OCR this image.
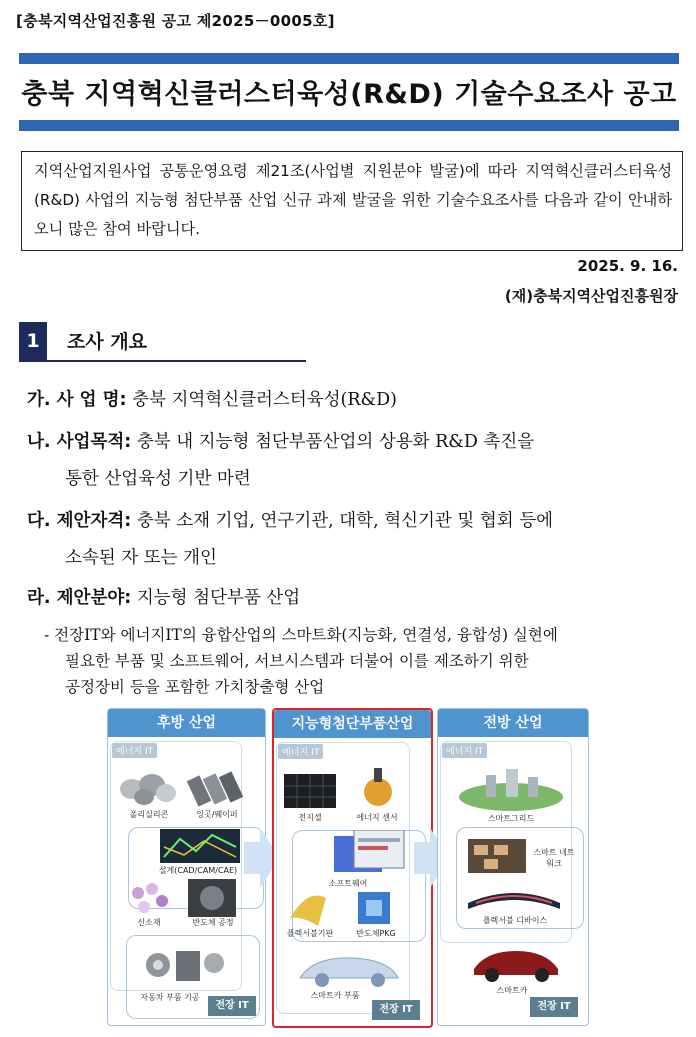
[충북지역산업진흥원 공고 제2025－0005호]
충북 지역혁신클러스터육성(R&D) 기술수요조사 공고
지역산업지원사업 공통운영요령 제21조(사업별 지원분야 발굴)에 따라 지역혁신클러스터육성(R&D) 사업의 지능형 첨단부품 산업 신규 과제 발굴을 위한 기술수요조사를 다음과 같이 안내하오니 많은 참여 바랍니다.
2025. 9. 16.
(재)충북지역산업진흥원장
1	조사 개요
가. 사 업 명: 충북 지역혁신클러스터육성(R&D)
나. 사업목적: 충북 내 지능형 첨단부품산업의 상용화 R&D 촉진을
통한 산업육성 기반 마련
다. 제안자격: 충북 소재 기업, 연구기관, 대학, 혁신기관 및 협회 등에
소속된 자 또는 개인
라. 제안분야: 지능형 첨단부품 산업
- 전장IT와 에너지IT의 융합산업의 스마트화(지능화, 연결성, 융합성) 실현에
필요한 부품 및 소프트웨어, 서브시스템과 더불어 이를 제조하기 위한
공정장비 등을 포함한 가치창출형 산업
후방 산업
에너지 IT
폴리실리콘	잉곳/웨이퍼
설계(CAD/CAM/CAE)
신소재	반도체 공정
자동차 부품 기공
전장 IT
지능형첨단부품산업
에너지 IT
전지셀	에너지 센서
소프트웨어
플렉서블기판	반도체PKG
스마트카 부품
전장 IT
전방 산업
에너지 IT
스마트그리드
스마트 네트워크
플렉서블 디바이스
스마트카
전장 IT
